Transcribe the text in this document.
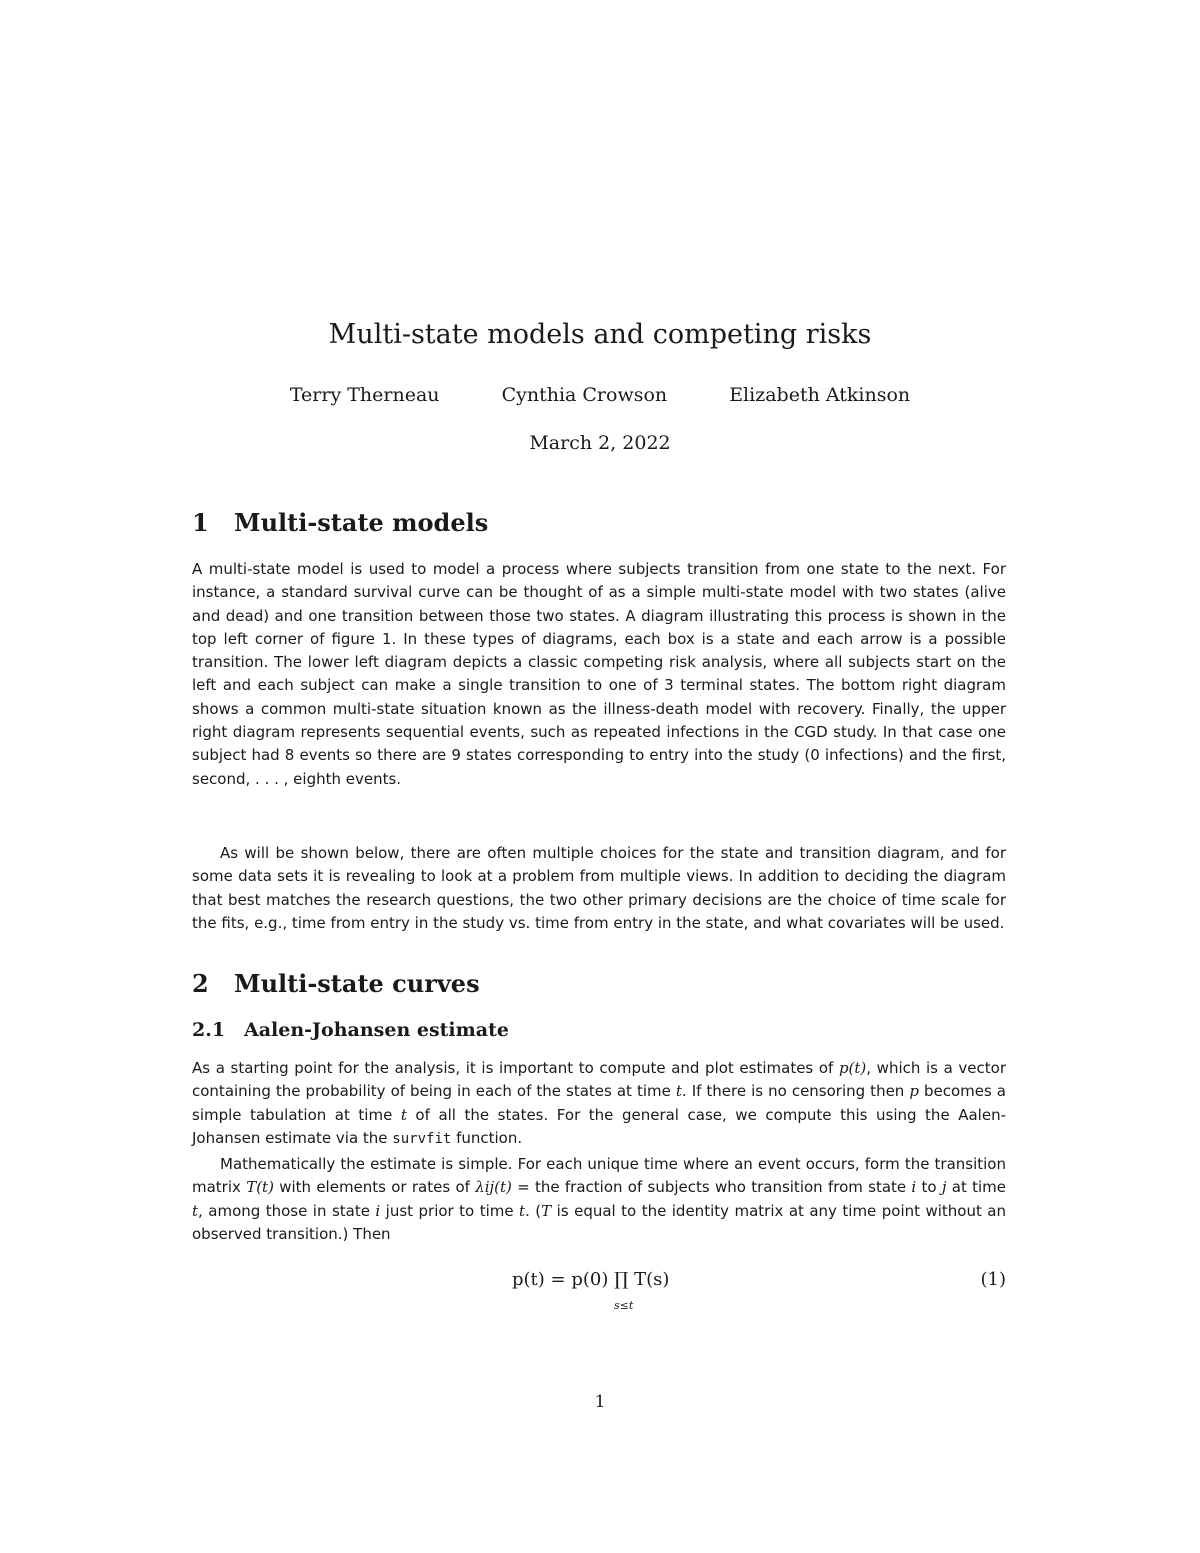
Multi-state models and competing risks
Terry Therneau	Cynthia Crowson	Elizabeth Atkinson
March 2, 2022
1 Multi-state models

A multi-state model is used to model a process where subjects transition from one state to the next. For instance, a standard survival curve can be thought of as a simple multi-state model with two states (alive and dead) and one transition between those two states. A diagram illustrating this process is shown in the top left corner of figure 1. In these types of diagrams, each box is a state and each arrow is a possible transition. The lower left diagram depicts a classic competing risk analysis, where all subjects start on the left and each subject can make a single transition to one of 3 terminal states. The bottom right diagram shows a common multi-state situation known as the illness-death model with recovery. Finally, the upper right diagram represents sequential events, such as repeated infections in the CGD study. In that case one subject had 8 events so there are 9 states corresponding to entry into the study (0 infections) and the first, second, . . . , eighth events.

As will be shown below, there are often multiple choices for the state and transition diagram, and for some data sets it is revealing to look at a problem from multiple views. In addition to deciding the diagram that best matches the research questions, the two other primary decisions are the choice of time scale for the fits, e.g., time from entry in the study vs. time from entry in the state, and what covariates will be used.

2 Multi-state curves
2.1 Aalen-Johansen estimate

As a starting point for the analysis, it is important to compute and plot estimates of p(t), which is a vector containing the probability of being in each of the states at time t. If there is no censoring then p becomes a simple tabulation at time t of all the states. For the general case, we compute this using the Aalen-Johansen estimate via the survfit function.

Mathematically the estimate is simple. For each unique time where an event occurs, form the transition matrix T(t) with elements or rates of λij(t) = the fraction of subjects who transition from state i to j at time t, among those in state i just prior to time t. (T is equal to the identity matrix at any time point without an observed transition.) Then

p(t) = p(0) ∏ T(s)
s≤t
(1)
1
